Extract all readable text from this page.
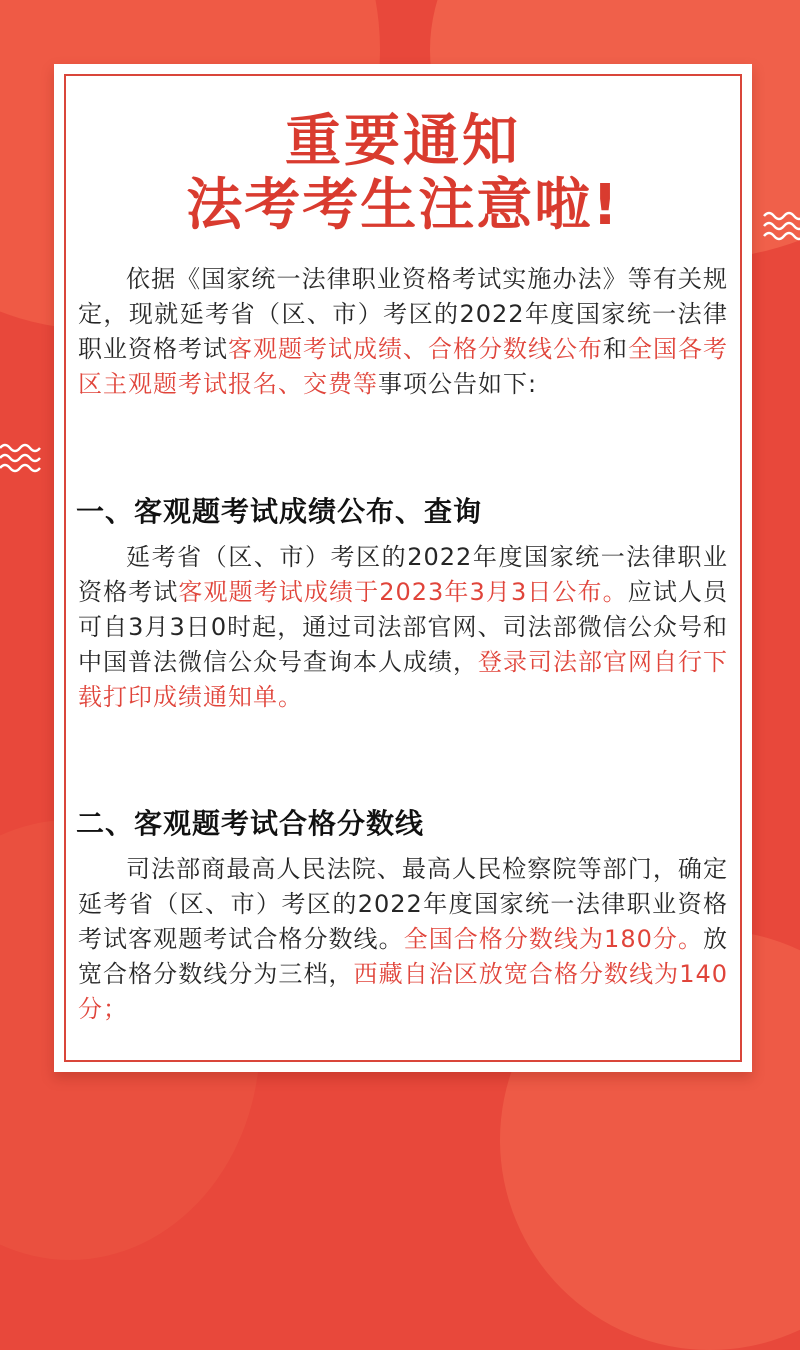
重要通知
法考考生注意啦!

依据《国家统一法律职业资格考试实施办法》等有关规定，现就延考省（区、市）考区的2022年度国家统一法律职业资格考试客观题考试成绩、合格分数线公布和全国各考区主观题考试报名、交费等事项公告如下:

一、客观题考试成绩公布、查询

延考省（区、市）考区的2022年度国家统一法律职业资格考试客观题考试成绩于2023年3月3日公布。应试人员可自3月3日0时起，通过司法部官网、司法部微信公众号和中国普法微信公众号查询本人成绩，登录司法部官网自行下载打印成绩通知单。

二、客观题考试合格分数线

司法部商最高人民法院、最高人民检察院等部门，确定延考省（区、市）考区的2022年度国家统一法律职业资格考试客观题考试合格分数线。全国合格分数线为180分。放宽合格分数线分为三档，西藏自治区放宽合格分数线为140分；
